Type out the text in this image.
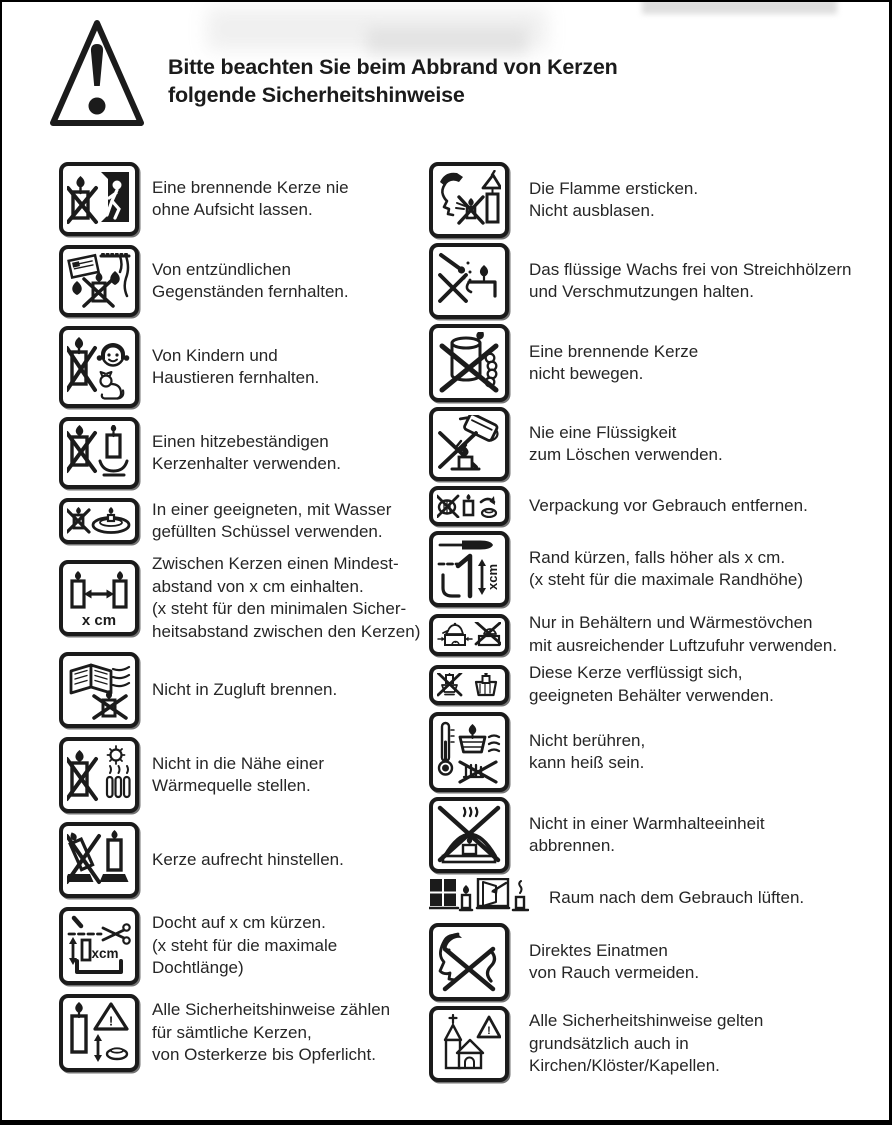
Bitte beachten Sie beim Abbrand von Kerzen
folgende Sicherheitshinweise
Eine brennende Kerze nie
ohne Aufsicht lassen.
Von entzündlichen
Gegenständen fernhalten.
Von Kindern und
Haustieren fernhalten.
Einen hitzebeständigen
Kerzenhalter verwenden.
In einer geeigneten, mit Wasser
gefüllten Schüssel verwenden.
x cm
Zwischen Kerzen einen Mindest-
abstand von x cm einhalten.
(x steht für den minimalen Sicher-
heitsabstand zwischen den Kerzen)
Nicht in Zugluft brennen.
Nicht in die Nähe einer
Wärmequelle stellen.
Kerze aufrecht hinstellen.
xcm
Docht auf x cm kürzen.
(x steht für die maximale
Dochtlänge)
!
Alle Sicherheitshinweise zählen
für sämtliche Kerzen,
von Osterkerze bis Opferlicht.
Die Flamme ersticken.
Nicht ausblasen.
Das flüssige Wachs frei von Streichhölzern
und Verschmutzungen halten.
Eine brennende Kerze
nicht bewegen.
Nie eine Flüssigkeit
zum Löschen verwenden.
Verpackung vor Gebrauch entfernen.
xcm
Rand kürzen, falls höher als x cm.
(x steht für die maximale Randhöhe)
Nur in Behältern und Wärmestövchen
mit ausreichender Luftzufuhr verwenden.
Diese Kerze verflüssigt sich,
geeigneten Behälter verwenden.
Nicht berühren,
kann heiß sein.
Nicht in einer Warmhalteeinheit
abbrennen.
Raum nach dem Gebrauch lüften.
Direktes Einatmen
von Rauch vermeiden.
!
Alle Sicherheitshinweise gelten
grundsätzlich auch in
Kirchen/Klöster/Kapellen.
